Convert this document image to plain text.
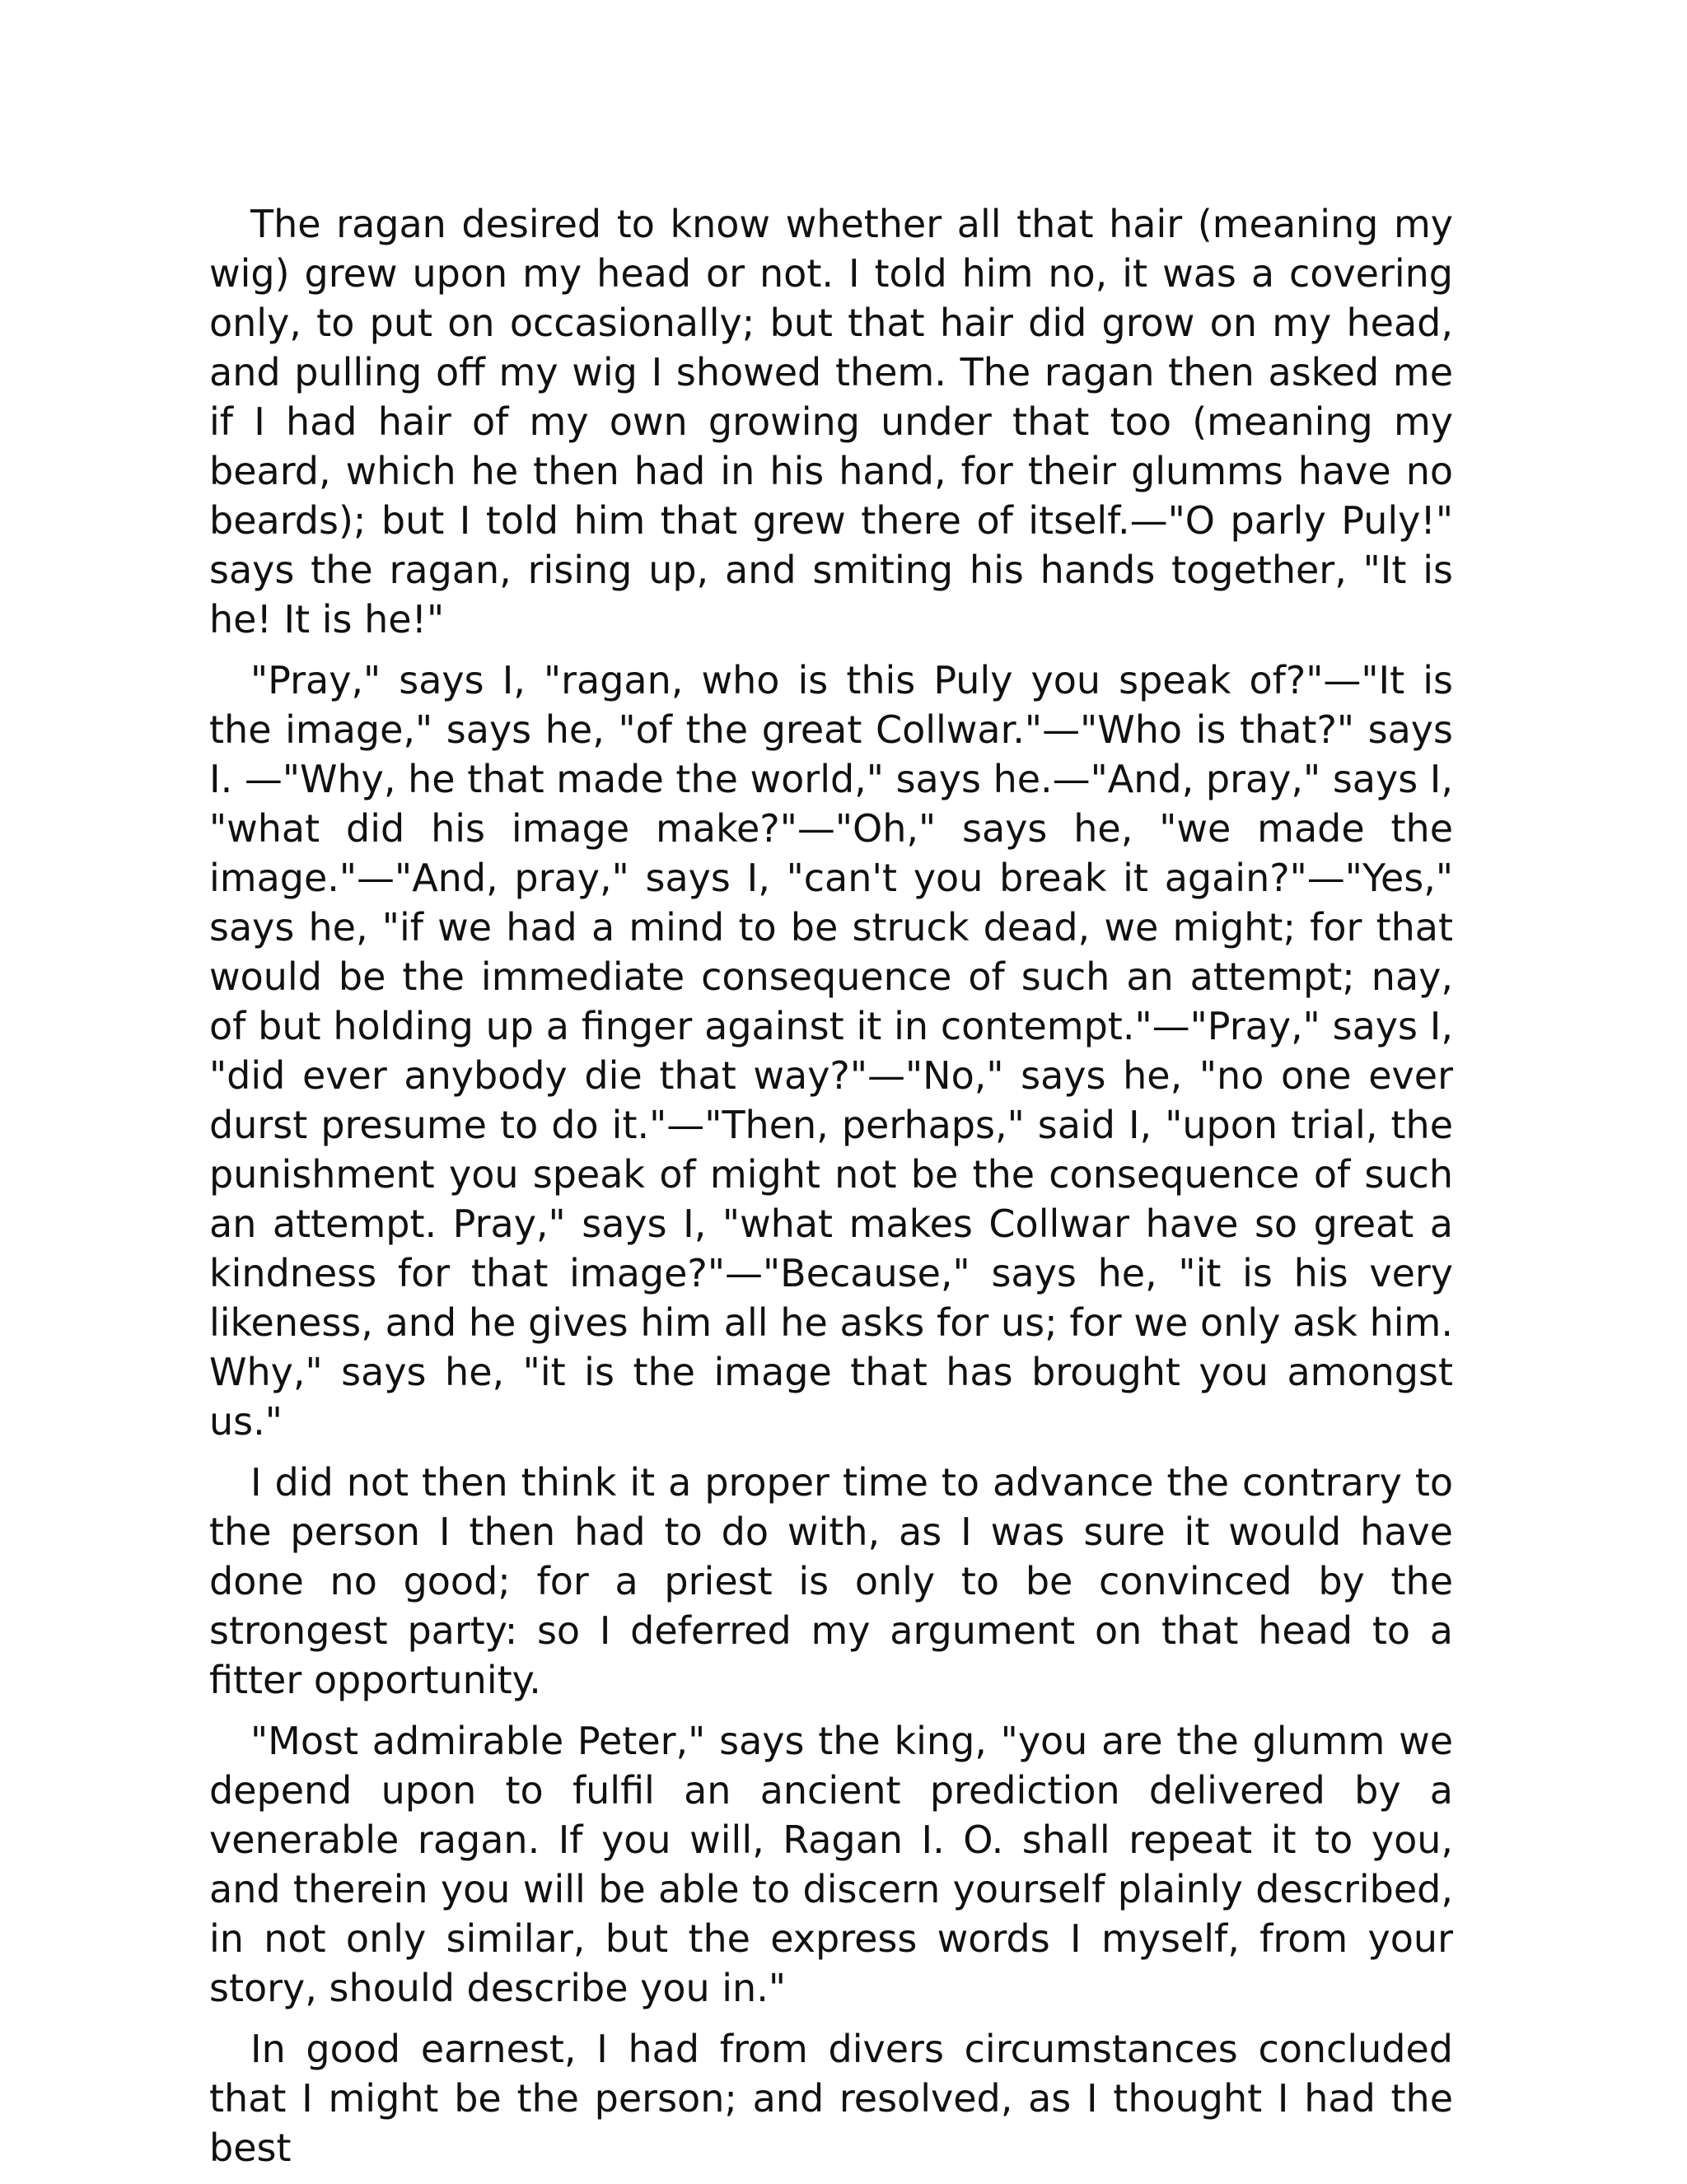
The ragan desired to know whether all that hair (meaning my wig) grew upon my head or not. I told him no, it was a covering only, to put on occasionally; but that hair did grow on my head, and pulling off my wig I showed them. The ragan then asked me if I had hair of my own growing under that too (meaning my beard, which he then had in his hand, for their glumms have no beards); but I told him that grew there of itself.—"O parly Puly!" says the ragan, rising up, and smiting his hands together, "It is he! It is he!"

"Pray," says I, "ragan, who is this Puly you speak of?"—"It is the image," says he, "of the great Collwar."—"Who is that?" says I. —"Why, he that made the world," says he.—"And, pray," says I, "what did his image make?"—"Oh," says he, "we made the image."—"And, pray," says I, "can't you break it again?"—"Yes," says he, "if we had a mind to be struck dead, we might; for that would be the immediate consequence of such an attempt; nay, of but holding up a finger against it in contempt."—"Pray," says I, "did ever anybody die that way?"—"No," says he, "no one ever durst presume to do it."—"Then, perhaps," said I, "upon trial, the punishment you speak of might not be the consequence of such an attempt. Pray," says I, "what makes Collwar have so great a kindness for that image?"—"Because," says he, "it is his very likeness, and he gives him all he asks for us; for we only ask him. Why," says he, "it is the image that has brought you amongst us."

I did not then think it a proper time to advance the contrary to the person I then had to do with, as I was sure it would have done no good; for a priest is only to be convinced by the strongest party: so I deferred my argument on that head to a fitter opportunity.

"Most admirable Peter," says the king, "you are the glumm we depend upon to fulfil an ancient prediction delivered by a venerable ragan. If you will, Ragan I. O. shall repeat it to you, and therein you will be able to discern yourself plainly described, in not only similar, but the express words I myself, from your story, should describe you in."

In good earnest, I had from divers circumstances concluded that I might be the person; and resolved, as I thought I had the best
